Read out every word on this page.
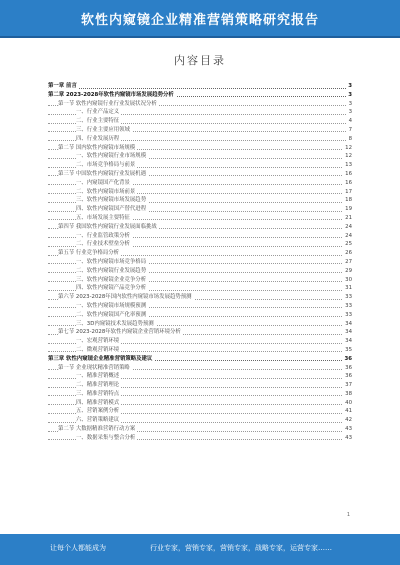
软性内窥镜企业精准营销策略研究报告
内容目录
第一章 前言	3
第二章 2023-2028年软性内窥镜市场发展趋势分析	3
第一节 软性内窥镜行业行业发展状况分析	3
一、行业产品定义	3
二、行业主要特征	4
三、行业主要应用领域	7
四、行业发展历程	8
第二节 国内软性内窥镜市场规模	12
一、软性内窥镜行业市场规模	12
二、市场竞争格局与前景	13
第三节 中国软性内窥镜行业发展机遇	16
一、内窥镜国产化背景	16
二、软性内窥镜市场前景	17
三、软性内窥镜市场发展趋势	18
四、软性内窥镜国产替代进程	19
五、市场发展主要特征	21
第四节 我国软性内窥镜行业发展面临挑战	24
一、行业监管政策分析	24
二、行业技术壁垒分析	25
第五节 行业竞争格局分析	26
一、软性内窥镜市场竞争格局	27
二、软性内窥镜行业发展趋势	29
三、软性内窥镜企业竞争分析	30
四、软性内窥镜产品竞争分析	31
第六节 2023-2028年国内软性内窥镜市场发展趋势预测	33
一、软性内窥镜市场规模预测	33
二、软性内窥镜国产化率预测	33
三、3D内窥镜技术发展趋势预测	34
第七节 2023-2028年软性内窥镜企业营销环境分析	34
一、宏观营销环境	34
二、微观营销环境	35
第三章 软性内窥镜企业精准营销策略及建议	36
第一节 企业现状精准营销策略	36
一、精准营销概述	36
二、精准营销理论	37
三、精准营销特点	38
四、精准营销模式	40
五、营销案例分析	41
六、营销策略建议	42
第二节 大数据精准营销行动方案	43
一、数据采集与整合分析	43
1
让每个人都能成为	行业专家，营销专家，营销专家，战略专家，运营专家……
